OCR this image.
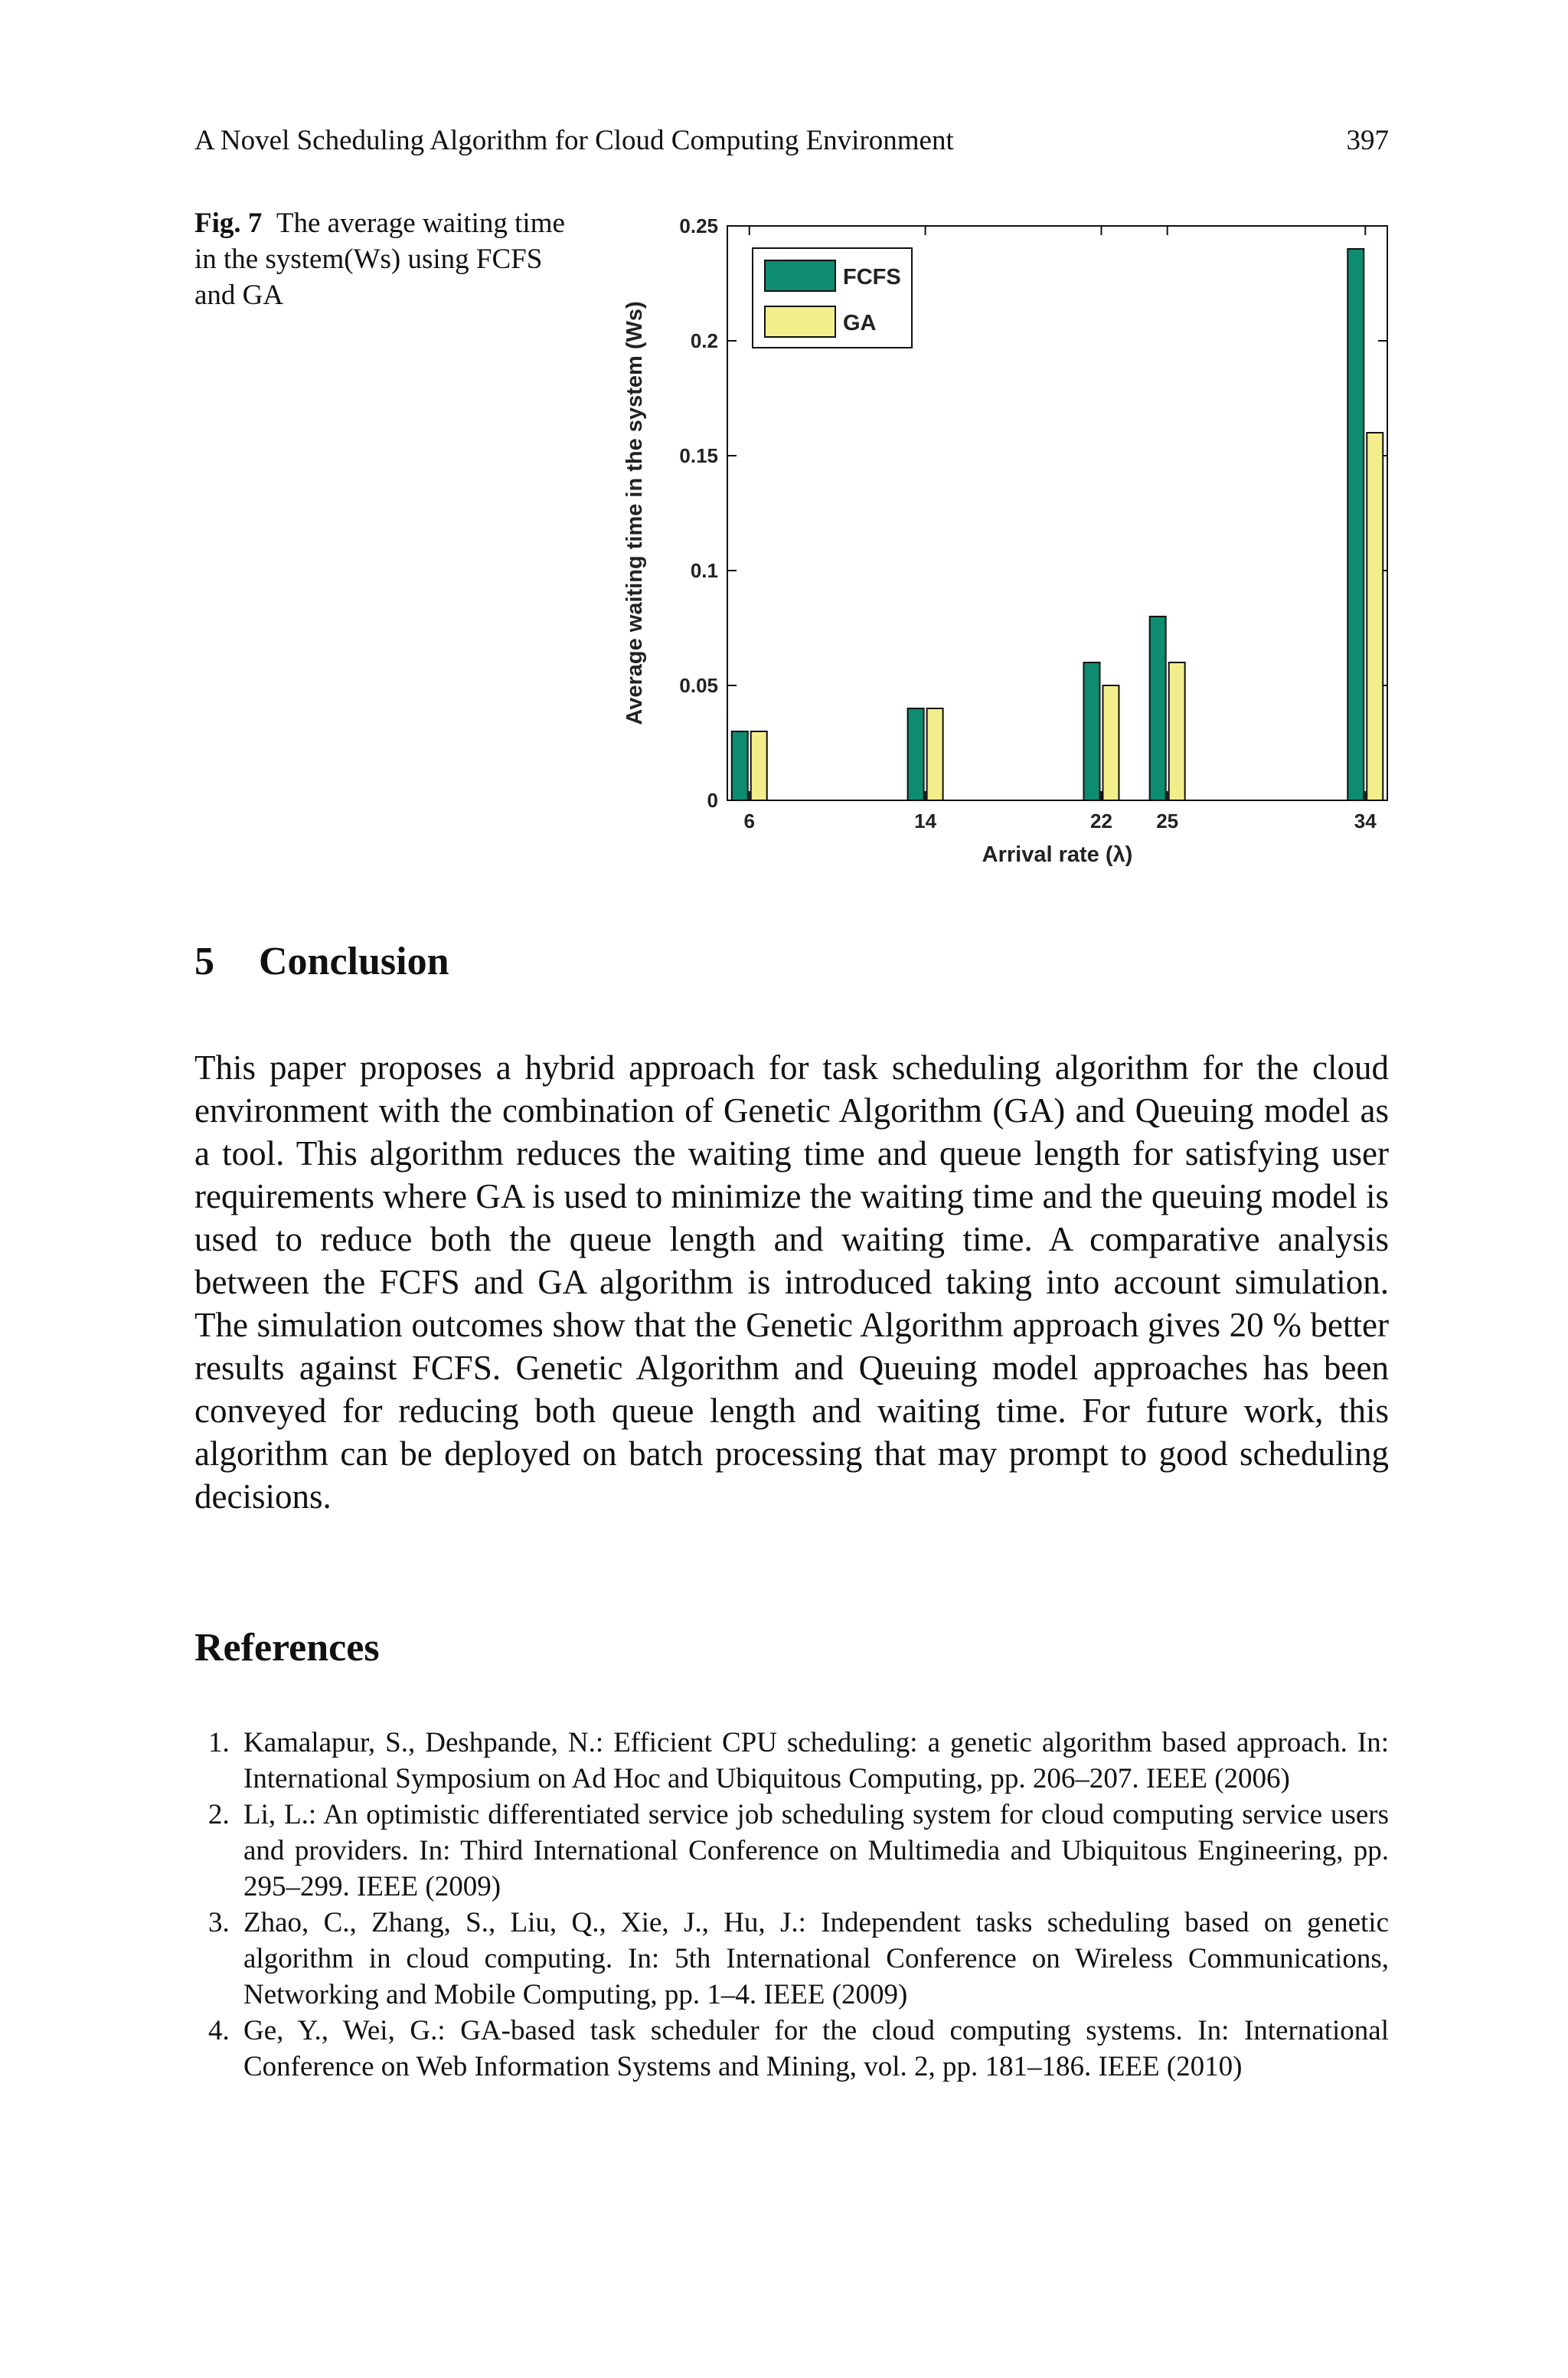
A Novel Scheduling Algorithm for Cloud Computing Environment	397
Fig. 7 The average waiting time in the system(Ws) using FCFS and GA
0
0.05
0.1
0.15
0.2
0.25
6	14	22 25	34
Arrival rate (λ)
Average waiting time in the system (Ws)
FCFS
GA
5 Conclusion

This paper proposes a hybrid approach for task scheduling algorithm for the cloud environment with the combination of Genetic Algorithm (GA) and Queuing model as a tool. This algorithm reduces the waiting time and queue length for satisfying user requirements where GA is used to minimize the waiting time and the queuing model is used to reduce both the queue length and waiting time. A comparative analysis between the FCFS and GA algorithm is introduced taking into account simulation. The simulation outcomes show that the Genetic Algorithm approach gives 20 % better results against FCFS. Genetic Algorithm and Queuing model approaches has been conveyed for reducing both queue length and waiting time. For future work, this algorithm can be deployed on batch processing that may prompt to good scheduling decisions.

References
1. Kamalapur, S., Deshpande, N.: Efficient CPU scheduling: a genetic algorithm based approach. In: International Symposium on Ad Hoc and Ubiquitous Computing, pp. 206–207. IEEE (2006)
2. Li, L.: An optimistic differentiated service job scheduling system for cloud computing service users and providers. In: Third International Conference on Multimedia and Ubiquitous Engineering, pp. 295–299. IEEE (2009)
3. Zhao, C., Zhang, S., Liu, Q., Xie, J., Hu, J.: Independent tasks scheduling based on genetic algorithm in cloud computing. In: 5th International Conference on Wireless Communications, Networking and Mobile Computing, pp. 1–4. IEEE (2009)
4. Ge, Y., Wei, G.: GA-based task scheduler for the cloud computing systems. In: International Conference on Web Information Systems and Mining, vol. 2, pp. 181–186. IEEE (2010)
